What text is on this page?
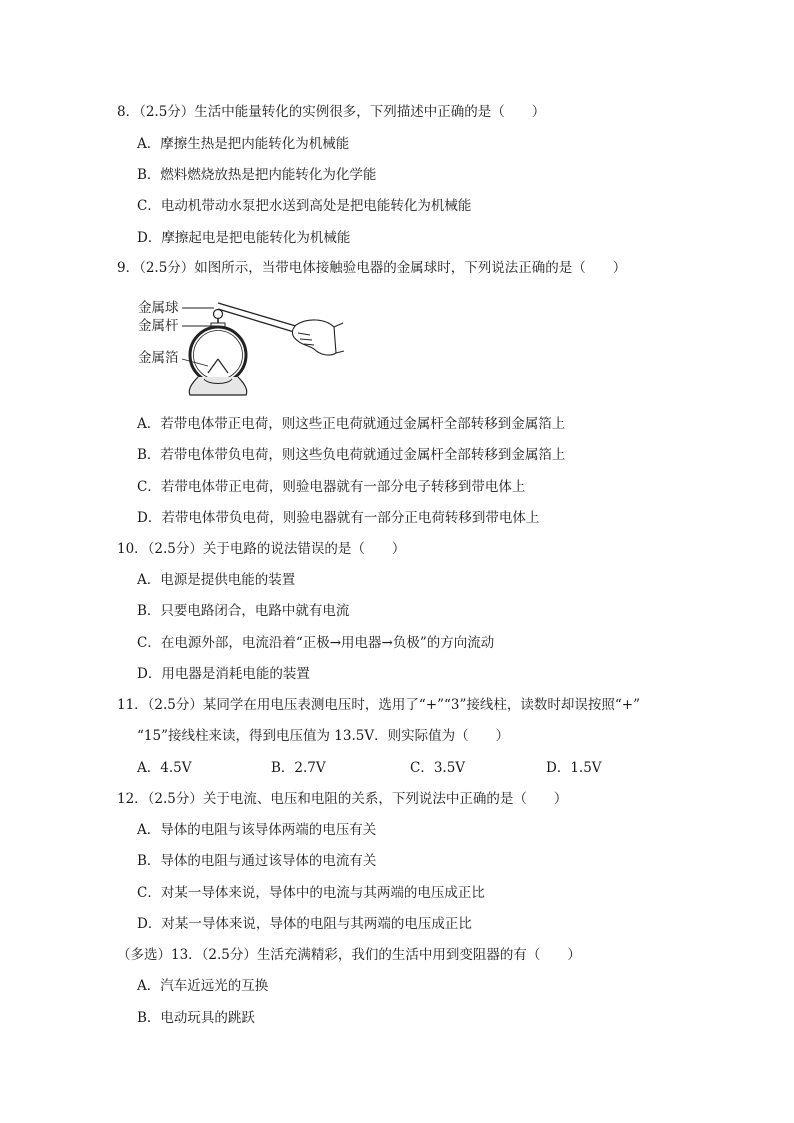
8．（2.5分）生活中能量转化的实例很多，下列描述中正确的是（　　）
A．摩擦生热是把内能转化为机械能
B．燃料燃烧放热是把内能转化为化学能
C．电动机带动水泵把水送到高处是把电能转化为机械能
D．摩擦起电是把电能转化为机械能
9．（2.5分）如图所示，当带电体接触验电器的金属球时，下列说法正确的是（　　）
金属球
金属杆
金属箔
A．若带电体带正电荷，则这些正电荷就通过金属杆全部转移到金属箔上
B．若带电体带负电荷，则这些负电荷就通过金属杆全部转移到金属箔上
C．若带电体带正电荷，则验电器就有一部分电子转移到带电体上
D．若带电体带负电荷，则验电器就有一部分正电荷转移到带电体上
10．（2.5分）关于电路的说法错误的是（　　）
A．电源是提供电能的装置
B．只要电路闭合，电路中就有电流
C．在电源外部，电流沿着“正极→用电器→负极”的方向流动
D．用电器是消耗电能的装置
11．（2.5分）某同学在用电压表测电压时，选用了“+”“3”接线柱，读数时却误按照“+”
“15”接线柱来读，得到电压值为 13.5V．则实际值为（　　）
A．4.5V	B．2.7V	C．3.5V	D．1.5V
12．（2.5分）关于电流、电压和电阻的关系，下列说法中正确的是（　　）
A．导体的电阻与该导体两端的电压有关
B．导体的电阻与通过该导体的电流有关
C．对某一导体来说，导体中的电流与其两端的电压成正比
D．对某一导体来说，导体的电阻与其两端的电压成正比
（多选）13．（2.5分）生活充满精彩，我们的生活中用到变阻器的有（　　）
A．汽车近远光的互换
B．电动玩具的跳跃
